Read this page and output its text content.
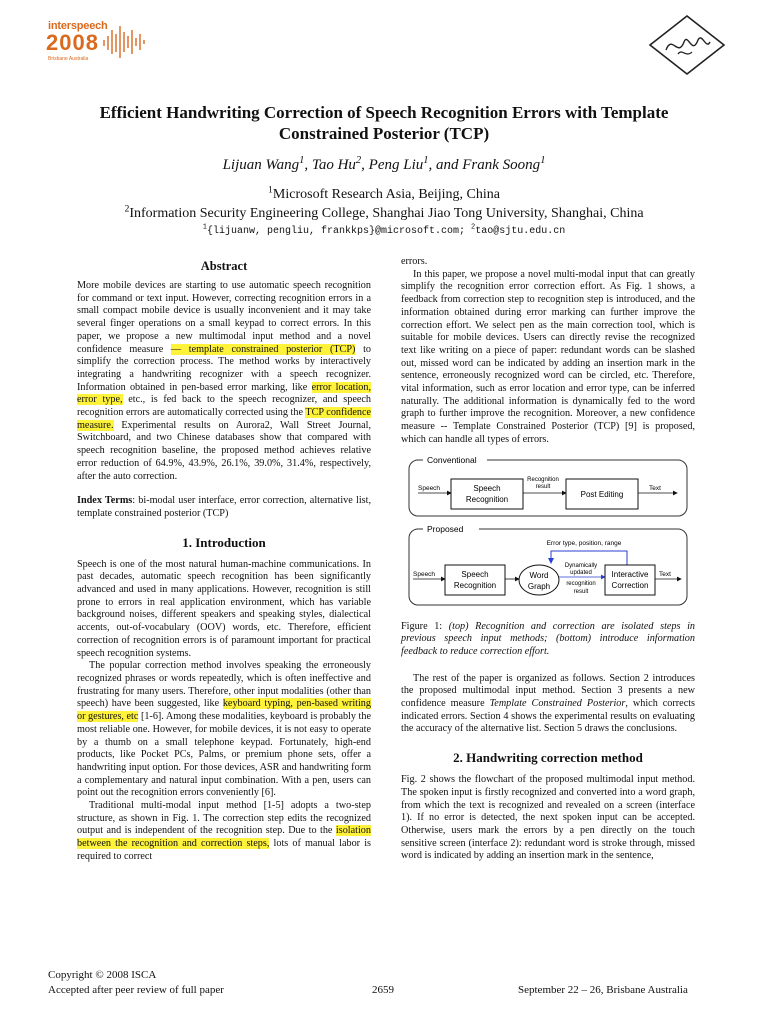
interspeech
2008
Brisbane Australia
Efficient Handwriting Correction of Speech Recognition Errors with Template Constrained Posterior (TCP)
Lijuan Wang$^1$, Tao Hu$^2$, Peng Liu$^1$, and Frank Soong$^1$
$^1$Microsoft Research Asia, Beijing, China
$^2$Information Security Engineering College, Shanghai Jiao Tong University, Shanghai, China
$^1${lijuanw, pengliu, frankkps}@microsoft.com; $^2$tao@sjtu.edu.cn
Abstract

More mobile devices are starting to use automatic speech recognition for command or text input. However, correcting recognition errors in a small compact mobile device is usually inconvenient and it may take several finger operations on a small keypad to correct errors. In this paper, we propose a new multimodal input method and a novel confidence measure — template constrained posterior (TCP) to simplify the correction process. The method works by interactively integrating a handwriting recognizer with a speech recognizer. Information obtained in pen-based error marking, like error location, error type, etc., is fed back to the speech recognizer, and speech recognition errors are automatically corrected using the TCP confidence measure. Experimental results on Aurora2, Wall Street Journal, Switchboard, and two Chinese databases show that compared with speech recognition baseline, the proposed method achieves relative error reduction of 64.9%, 43.9%, 26.1%, 39.0%, 31.4%, respectively, after the auto correction.

Index Terms: bi-modal user interface, error correction, alternative list, template constrained posterior (TCP)

1. Introduction

Speech is one of the most natural human-machine communications. In past decades, automatic speech recognition has been significantly advanced and used in many applications. However, recognition is still prone to errors in real application environment, which has variable background noises, different speakers and speaking styles, dialectical accents, out-of-vocabulary (OOV) words, etc. Therefore, efficient correction of recognition errors is of paramount important for practical speech recognition systems.

The popular correction method involves speaking the erroneously recognized phrases or words repeatedly, which is often ineffective and frustrating for many users. Therefore, other input modalities (other than speech) have been suggested, like keyboard typing, pen-based writing or gestures, etc [1-6]. Among these modalities, keyboard is probably the most reliable one. However, for mobile devices, it is not easy to operate by a thumb on a small telephone keypad. Fortunately, high-end products, like Pocket PCs, Palms, or premium phone sets, offer a handwriting input option. For those devices, ASR and handwriting form a complementary and natural input combination. With a pen, users can point out the recognition errors conveniently [6].

Traditional multi-modal input method [1-5] adopts a two-step structure, as shown in Fig. 1. The correction step edits the recognized output and is independent of the recognition step. Due to the isolation between the recognition and correction steps, lots of manual labor is required to correct

errors.

In this paper, we propose a novel multi-modal input that can greatly simplify the recognition error correction effort. As Fig. 1 shows, a feedback from correction step to recognition step is introduced, and the information obtained during error marking can further improve the correction effort. We select pen as the main correction tool, which is suitable for mobile devices. Users can directly revise the recognized text like writing on a piece of paper: redundant words can be slashed out, missed word can be indicated by adding an insertion mark in the sentence, erroneously recognized word can be circled, etc. Therefore, vital information, such as error location and error type, can be inferred naturally. The additional information is dynamically fed to the word graph to further improve the recognition. Moreover, a new confidence measure -- Template Constrained Posterior (TCP) [9] is proposed, which can handle all types of errors.

Conventional
Speech	Speech
Recognition
Recognition
result
Post Editing
Text
Proposed
Error type, position, range
Speech	Speech
Recognition
Word
Graph
Dynamically
updated
recognition
result
Interactive
Correction
Text

Figure 1: (top) Recognition and correction are isolated steps in previous speech input methods; (bottom) introduce information feedback to reduce correction effort.

The rest of the paper is organized as follows. Section 2 introduces the proposed multimodal input method. Section 3 presents a new confidence measure Template Constrained Posterior, which corrects indicated errors. Section 4 shows the experimental results on evaluating the accuracy of the alternative list. Section 5 draws the conclusions.

2. Handwriting correction method

Fig. 2 shows the flowchart of the proposed multimodal input method. The spoken input is firstly recognized and converted into a word graph, from which the text is recognized and revealed on a screen (interface 1). If no error is detected, the next spoken input can be accepted. Otherwise, users mark the errors by a pen directly on the touch sensitive screen (interface 2): redundant word is stroke through, missed word is indicated by adding an insertion mark in the sentence,

Copyright © 2008 ISCA
Accepted after peer review of full paper	2659	September 22 – 26, Brisbane Australia
